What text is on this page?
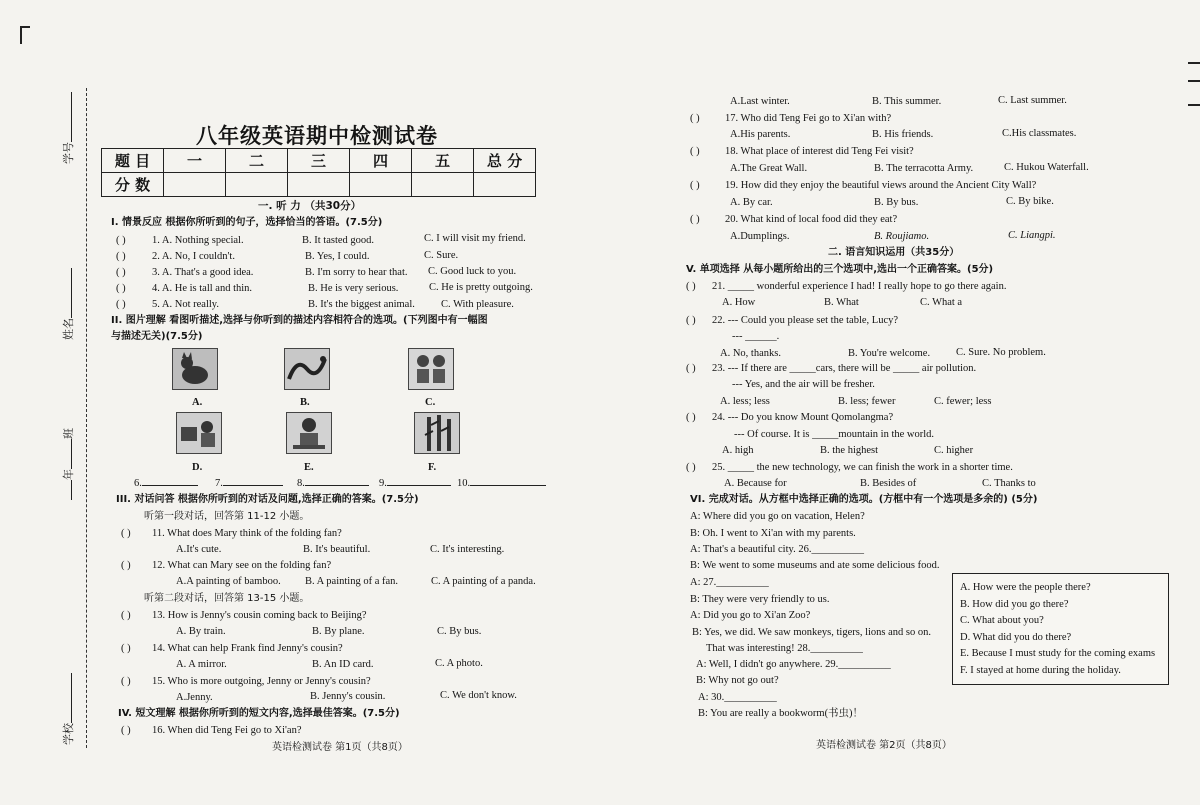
学号
姓名
年班
学校
八年级英语期中检测试卷
题 目	一	二	三	四	五	总 分
分 数						
一. 听 力 （共30分）
I. 情景反应 根据你所听到的句子，选择恰当的答语。(7.5分)
( )	1. A. Nothing special.	B. It tasted good.	C. I will visit my friend.
( )	2. A. No, I couldn't.	B. Yes, I could.	C. Sure.
( )	3. A. That's a good idea.	B. I'm sorry to hear that. C. Good luck to you.
( )	4. A. He is tall and thin.	B. He is very serious.	C. He is pretty outgoing.
( )	5. A. Not really.	B. It's the biggest animal. C. With pleasure.
II. 图片理解 看图听描述,选择与你听到的描述内容相符合的选项。(下列图中有一幅图
与描述无关)(7.5分)
A.	B.	C.
D.	E.	F.
6.	7.	8.	9.	10.
III. 对话问答 根据你所听到的对话及问题,选择正确的答案。(7.5分)
听第一段对话，回答第 11-12 小题。
( ) 11. What does Mary think of the folding fan?
A.It's cute.	B. It's beautiful.	C. It's interesting.
( ) 12. What can Mary see on the folding fan?
A.A painting of bamboo. B. A painting of a fan.	C. A painting of a panda.
听第二段对话，回答第 13-15 小题。
( ) 13. How is Jenny's cousin coming back to Beijing?
A. By train.	B. By plane.	C. By bus.
( ) 14. What can help Frank find Jenny's cousin?
A. A mirror.	B. An ID card.	C. A photo.
( ) 15. Who is more outgoing, Jenny or Jenny's cousin?
A.Jenny.	B. Jenny's cousin.	C. We don't know.
IV. 短文理解 根据你所听到的短文内容,选择最佳答案。(7.5分)
( ) 16. When did Teng Fei go to Xi'an?
英语检测试卷 第1页（共8页）
A.Last winter.	B. This summer.	C. Last summer.
( ) 17. Who did Teng Fei go to Xi'an with?
A.His parents.	B. His friends.	C.His classmates.
( ) 18. What place of interest did Teng Fei visit?
A.The Great Wall.	B. The terracotta Army.	C. Hukou Waterfall.
( ) 19. How did they enjoy the beautiful views around the Ancient City Wall?
A. By car.	B. By bus.	C. By bike.
( ) 20. What kind of local food did they eat?
A.Dumplings.	B. Roujiamo.	C. Liangpi.
二. 语言知识运用（共35分）
V. 单项选择 从每小题所给出的三个选项中,选出一个正确答案。(5分)
( ) 21. _____ wonderful experience I had! I really hope to go there again.
A. How	B. What	C. What a
( ) 22. --- Could you please set the table, Lucy?
--- ______.
A. No, thanks.	B. You're welcome. C. Sure. No problem.
( ) 23. --- If there are _____cars, there will be _____ air pollution.
--- Yes, and the air will be fresher.
A. less; less	B. less; fewer	C. fewer; less
( ) 24. --- Do you know Mount Qomolangma?
--- Of course. It is _____mountain in the world.
A. high	B. the highest	C. higher
( ) 25. _____ the new technology, we can finish the work in a shorter time.
A. Because for	B. Besides of	C. Thanks to
VI. 完成对话。从方框中选择正确的选项。(方框中有一个选项是多余的) (5分)
A: Where did you go on vacation, Helen?
B: Oh. I went to Xi'an with my parents.
A: That's a beautiful city. 26.__________
B: We went to some museums and ate some delicious food.
A: 27.__________
B: They were very friendly to us.
A: Did you go to Xi'an Zoo?
B: Yes, we did. We saw monkeys, tigers, lions and so on.
That was interesting! 28.__________
A: Well, I didn't go anywhere. 29.__________
B: Why not go out?
A: 30.__________
B: You are really a bookworm(书虫)！
A. How were the people there?
B. How did you go there?
C. What about you?
D. What did you do there?
E. Because I must study for the coming exams
F. I stayed at home during the holiday.
英语检测试卷 第2页（共8页）
